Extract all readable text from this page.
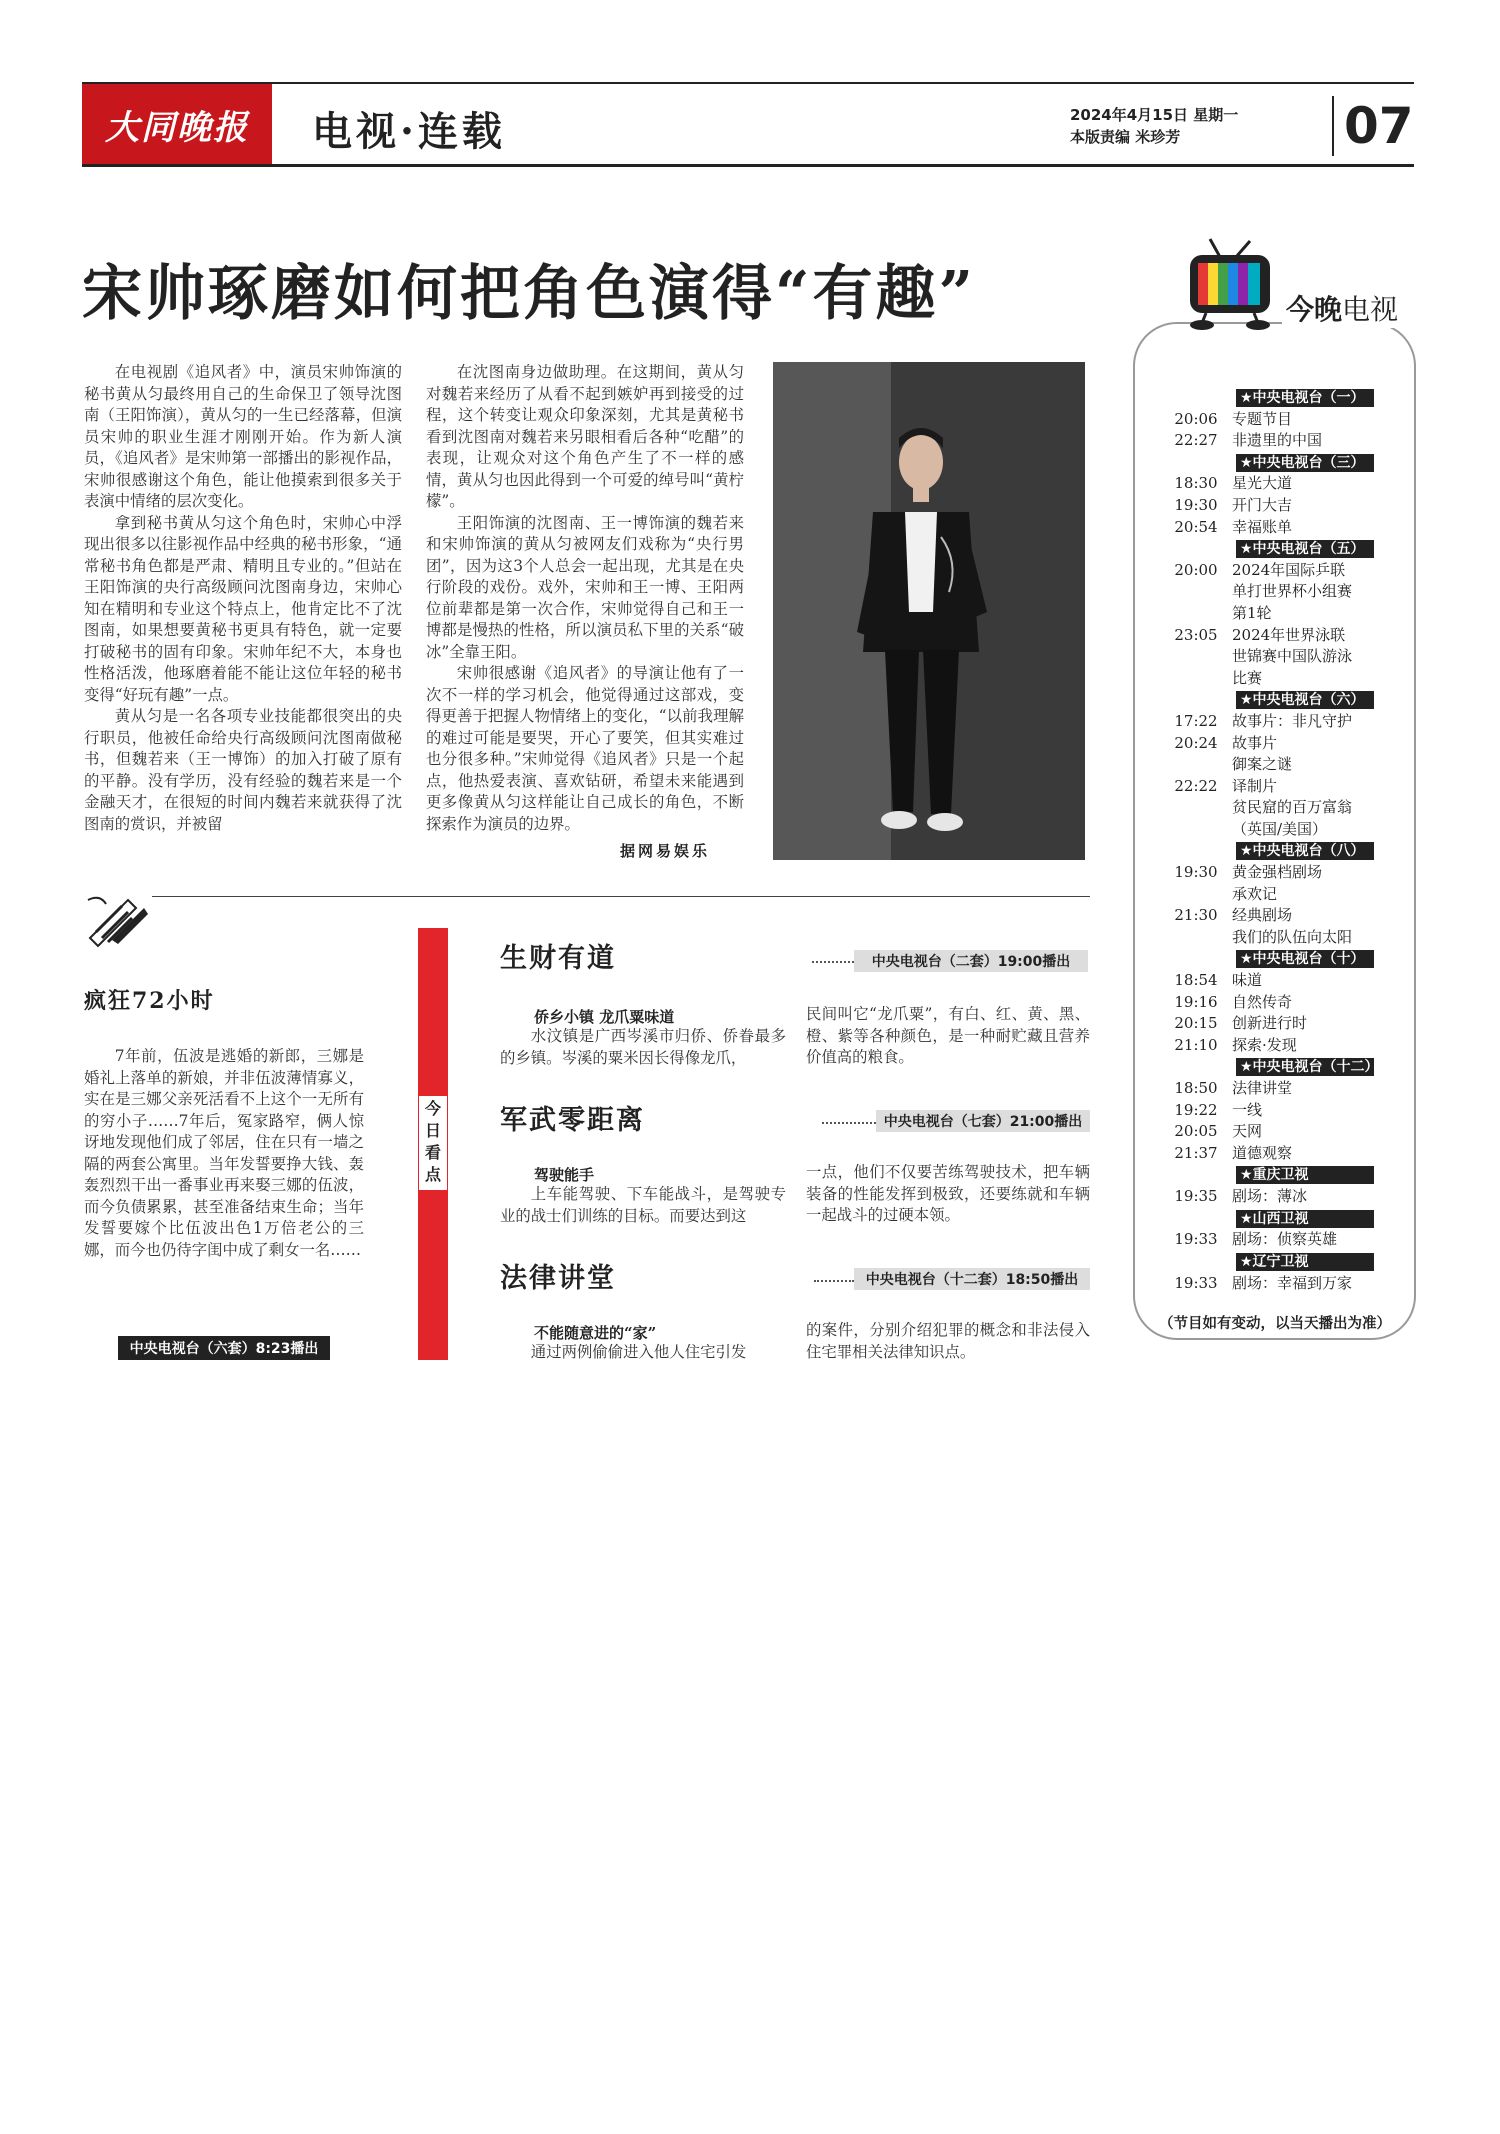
大同晚报	电视·连载	2024年4月15日 星期一
本版责编 米珍芳	07
宋帅琢磨如何把角色演得“有趣”

在电视剧《追风者》中，演员宋帅饰演的秘书黄从匀最终用自己的生命保卫了领导沈图南（王阳饰演），黄从匀的一生已经落幕，但演员宋帅的职业生涯才刚刚开始。作为新人演员，《追风者》是宋帅第一部播出的影视作品，宋帅很感谢这个角色，能让他摸索到很多关于表演中情绪的层次变化。

拿到秘书黄从匀这个角色时，宋帅心中浮现出很多以往影视作品中经典的秘书形象，“通常秘书角色都是严肃、精明且专业的。”但站在王阳饰演的央行高级顾问沈图南身边，宋帅心知在精明和专业这个特点上，他肯定比不了沈图南，如果想要黄秘书更具有特色，就一定要打破秘书的固有印象。宋帅年纪不大，本身也性格活泼，他琢磨着能不能让这位年轻的秘书变得“好玩有趣”一点。

黄从匀是一名各项专业技能都很突出的央行职员，他被任命给央行高级顾问沈图南做秘书，但魏若来（王一博饰）的加入打破了原有的平静。没有学历，没有经验的魏若来是一个金融天才，在很短的时间内魏若来就获得了沈图南的赏识，并被留

在沈图南身边做助理。在这期间，黄从匀对魏若来经历了从看不起到嫉妒再到接受的过程，这个转变让观众印象深刻，尤其是黄秘书看到沈图南对魏若来另眼相看后各种“吃醋”的表现，让观众对这个角色产生了不一样的感情，黄从匀也因此得到一个可爱的绰号叫“黄柠檬”。

王阳饰演的沈图南、王一博饰演的魏若来和宋帅饰演的黄从匀被网友们戏称为“央行男团”，因为这3个人总会一起出现，尤其是在央行阶段的戏份。戏外，宋帅和王一博、王阳两位前辈都是第一次合作，宋帅觉得自己和王一博都是慢热的性格，所以演员私下里的关系“破冰”全靠王阳。

宋帅很感谢《追风者》的导演让他有了一次不一样的学习机会，他觉得通过这部戏，变得更善于把握人物情绪上的变化，“以前我理解的难过可能是要哭，开心了要笑，但其实难过也分很多种。”宋帅觉得《追风者》只是一个起点，他热爱表演、喜欢钻研，希望未来能遇到更多像黄从匀这样能让自己成长的角色，不断探索作为演员的边界。

据网易娱乐
疯狂72小时

7年前，伍波是逃婚的新郎，三娜是婚礼上落单的新娘，并非伍波薄情寡义，实在是三娜父亲死活看不上这个一无所有的穷小子……7年后，冤家路窄，俩人惊讶地发现他们成了邻居，住在只有一墙之隔的两套公寓里。当年发誓要挣大钱、轰轰烈烈干出一番事业再来娶三娜的伍波，而今负债累累，甚至准备结束生命；当年发誓要嫁个比伍波出色1万倍老公的三娜，而今也仍待字闺中成了剩女一名……

中央电视台（六套）8:23播出
今日看点
生财有道	中央电视台（二套）19:00播出
侨乡小镇 龙爪粟味道
水汶镇是广西岑溪市归侨、侨眷最多的乡镇。岑溪的粟米因长得像龙爪，
民间叫它“龙爪粟”，有白、红、黄、黑、橙、紫等各种颜色，是一种耐贮藏且营养价值高的粮食。
军武零距离	中央电视台（七套）21:00播出
驾驶能手
上车能驾驶、下车能战斗，是驾驶专业的战士们训练的目标。而要达到这
一点，他们不仅要苦练驾驶技术，把车辆装备的性能发挥到极致，还要练就和车辆一起战斗的过硬本领。
法律讲堂	中央电视台（十二套）18:50播出
不能随意进的“家”
通过两例偷偷进入他人住宅引发
的案件，分别介绍犯罪的概念和非法侵入住宅罪相关法律知识点。
今晚电视
★中央电视台（一）
20:06 专题节目
22:27 非遗里的中国
★中央电视台（三）
18:30 星光大道
19:30 开门大吉
20:54 幸福账单
★中央电视台（五）
20:00 2024年国际乒联
单打世界杯小组赛
第1轮
23:05 2024年世界泳联
世锦赛中国队游泳
比赛
★中央电视台（六）
17:22 故事片：非凡守护
20:24 故事片
御案之谜
22:22 译制片
贫民窟的百万富翁
（英国/美国）
★中央电视台（八）
19:30 黄金强档剧场
承欢记
21:30 经典剧场
我们的队伍向太阳
★中央电视台（十）
18:54 味道
19:16 自然传奇
20:15 创新进行时
21:10 探索·发现
★中央电视台（十二）
18:50 法律讲堂
19:22 一线
20:05 天网
21:37 道德观察
★重庆卫视
19:35 剧场：薄冰
★山西卫视
19:33 剧场：侦察英雄
★辽宁卫视
19:33 剧场：幸福到万家
（节目如有变动，以当天播出为准）
